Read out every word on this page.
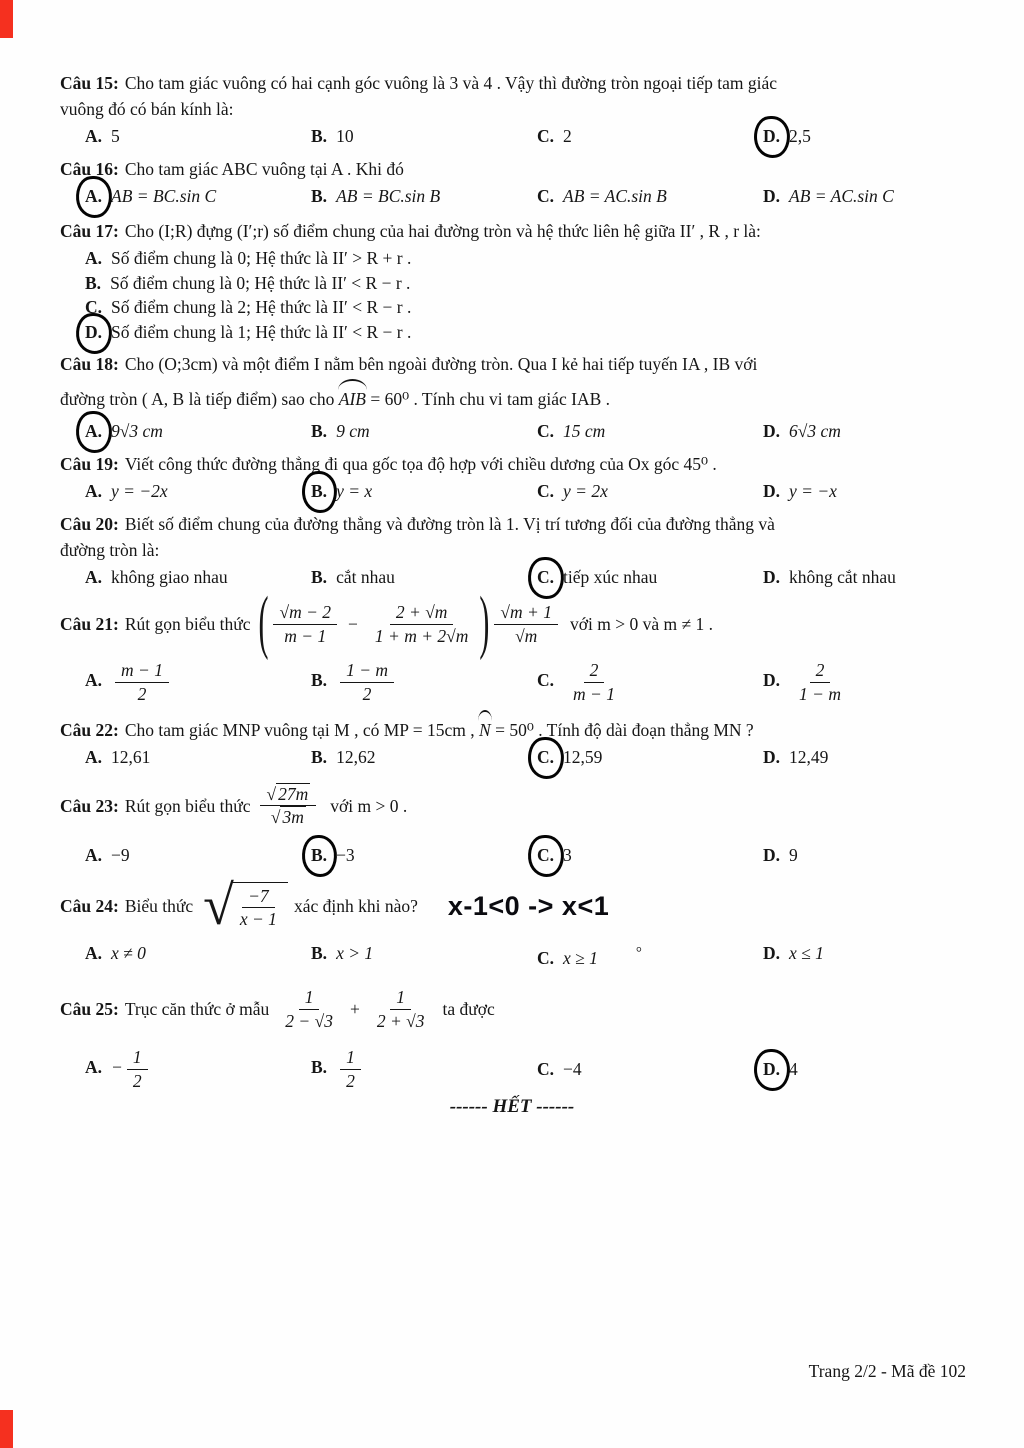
Câu 15: Cho tam giác vuông có hai cạnh góc vuông là 3 và 4 . Vậy thì đường tròn ngoại tiếp tam giác

vuông đó có bán kính là:

A. 5	B. 10	C. 2	D. 2,5

Câu 16: Cho tam giác ABC vuông tại A . Khi đó

A. AB = BC.sin C	B. AB = BC.sin B	C. AB = AC.sin B	D. AB = AC.sin C

Câu 17: Cho (I;R) đựng (I′;r) số điểm chung của hai đường tròn và hệ thức liên hệ giữa II′ , R , r là:

A. Số điểm chung là 0; Hệ thức là II′ > R + r .

B. Số điểm chung là 0; Hệ thức là II′ < R − r .

C. Số điểm chung là 2; Hệ thức là II′ < R − r .

D. Số điểm chung là 1; Hệ thức là II′ < R − r .

Câu 18: Cho (O;3cm) và một điểm I nằm bên ngoài đường tròn. Qua I kẻ hai tiếp tuyến IA , IB với

đường tròn ( A, B là tiếp điểm) sao cho AIB = 60⁰ . Tính chu vi tam giác IAB .

A. 9√3 cm	B. 9 cm	C. 15 cm	D. 6√3 cm

Câu 19: Viết công thức đường thẳng đi qua gốc tọa độ hợp với chiều dương của Ox góc 45⁰ .

A. y = −2x	B. y = x	C. y = 2x	D. y = −x

Câu 20: Biết số điểm chung của đường thẳng và đường tròn là 1. Vị trí tương đối của đường thẳng và

đường tròn là:

A. không giao nhau	B. cắt nhau	C. tiếp xúc nhau	D. không cắt nhau
Câu 21: Rút gọn biểu thức ( $\frac{√m - 2}{m - 1} - \frac{2 + √m}{1 + m + 2√m}$ ) $\frac{√m + 1}{√m}$ với m > 0 và m ≠ 1 .
A. $\frac{m - 1}{2}$	B. $\frac{1 - m}{2}$	C. $\frac{2}{m - 1}$	D. $\frac{2}{1 - m}$

Câu 22: Cho tam giác MNP vuông tại M , có MP = 15cm , N = 50⁰ . Tính độ dài đoạn thẳng MN ?

A. 12,61	B. 12,62	C. 12,59	D. 12,49
Câu 23: Rút gọn biểu thức $\frac{√ 27m}{√ 3m}$ với m > 0 .
A. −9	B. −3	C. 3	D. 9
Câu 24: Biểu thức √ $\frac{-7}{x - 1}$ xác định khi nào? x-1<0 -> x<1
A. x ≠ 0	B. x > 1	C. x ≥ 1	°	D. x ≤ 1
Câu 25: Trục căn thức ở mẫu $\frac{1}{2 - √3} + \frac{1}{2 + √3}$ ta được
A. − $\frac{1}{2}$	B. $\frac{1}{2}$	C. −4	D. 4
------ HẾT ------
Trang 2/2 - Mã đề 102
